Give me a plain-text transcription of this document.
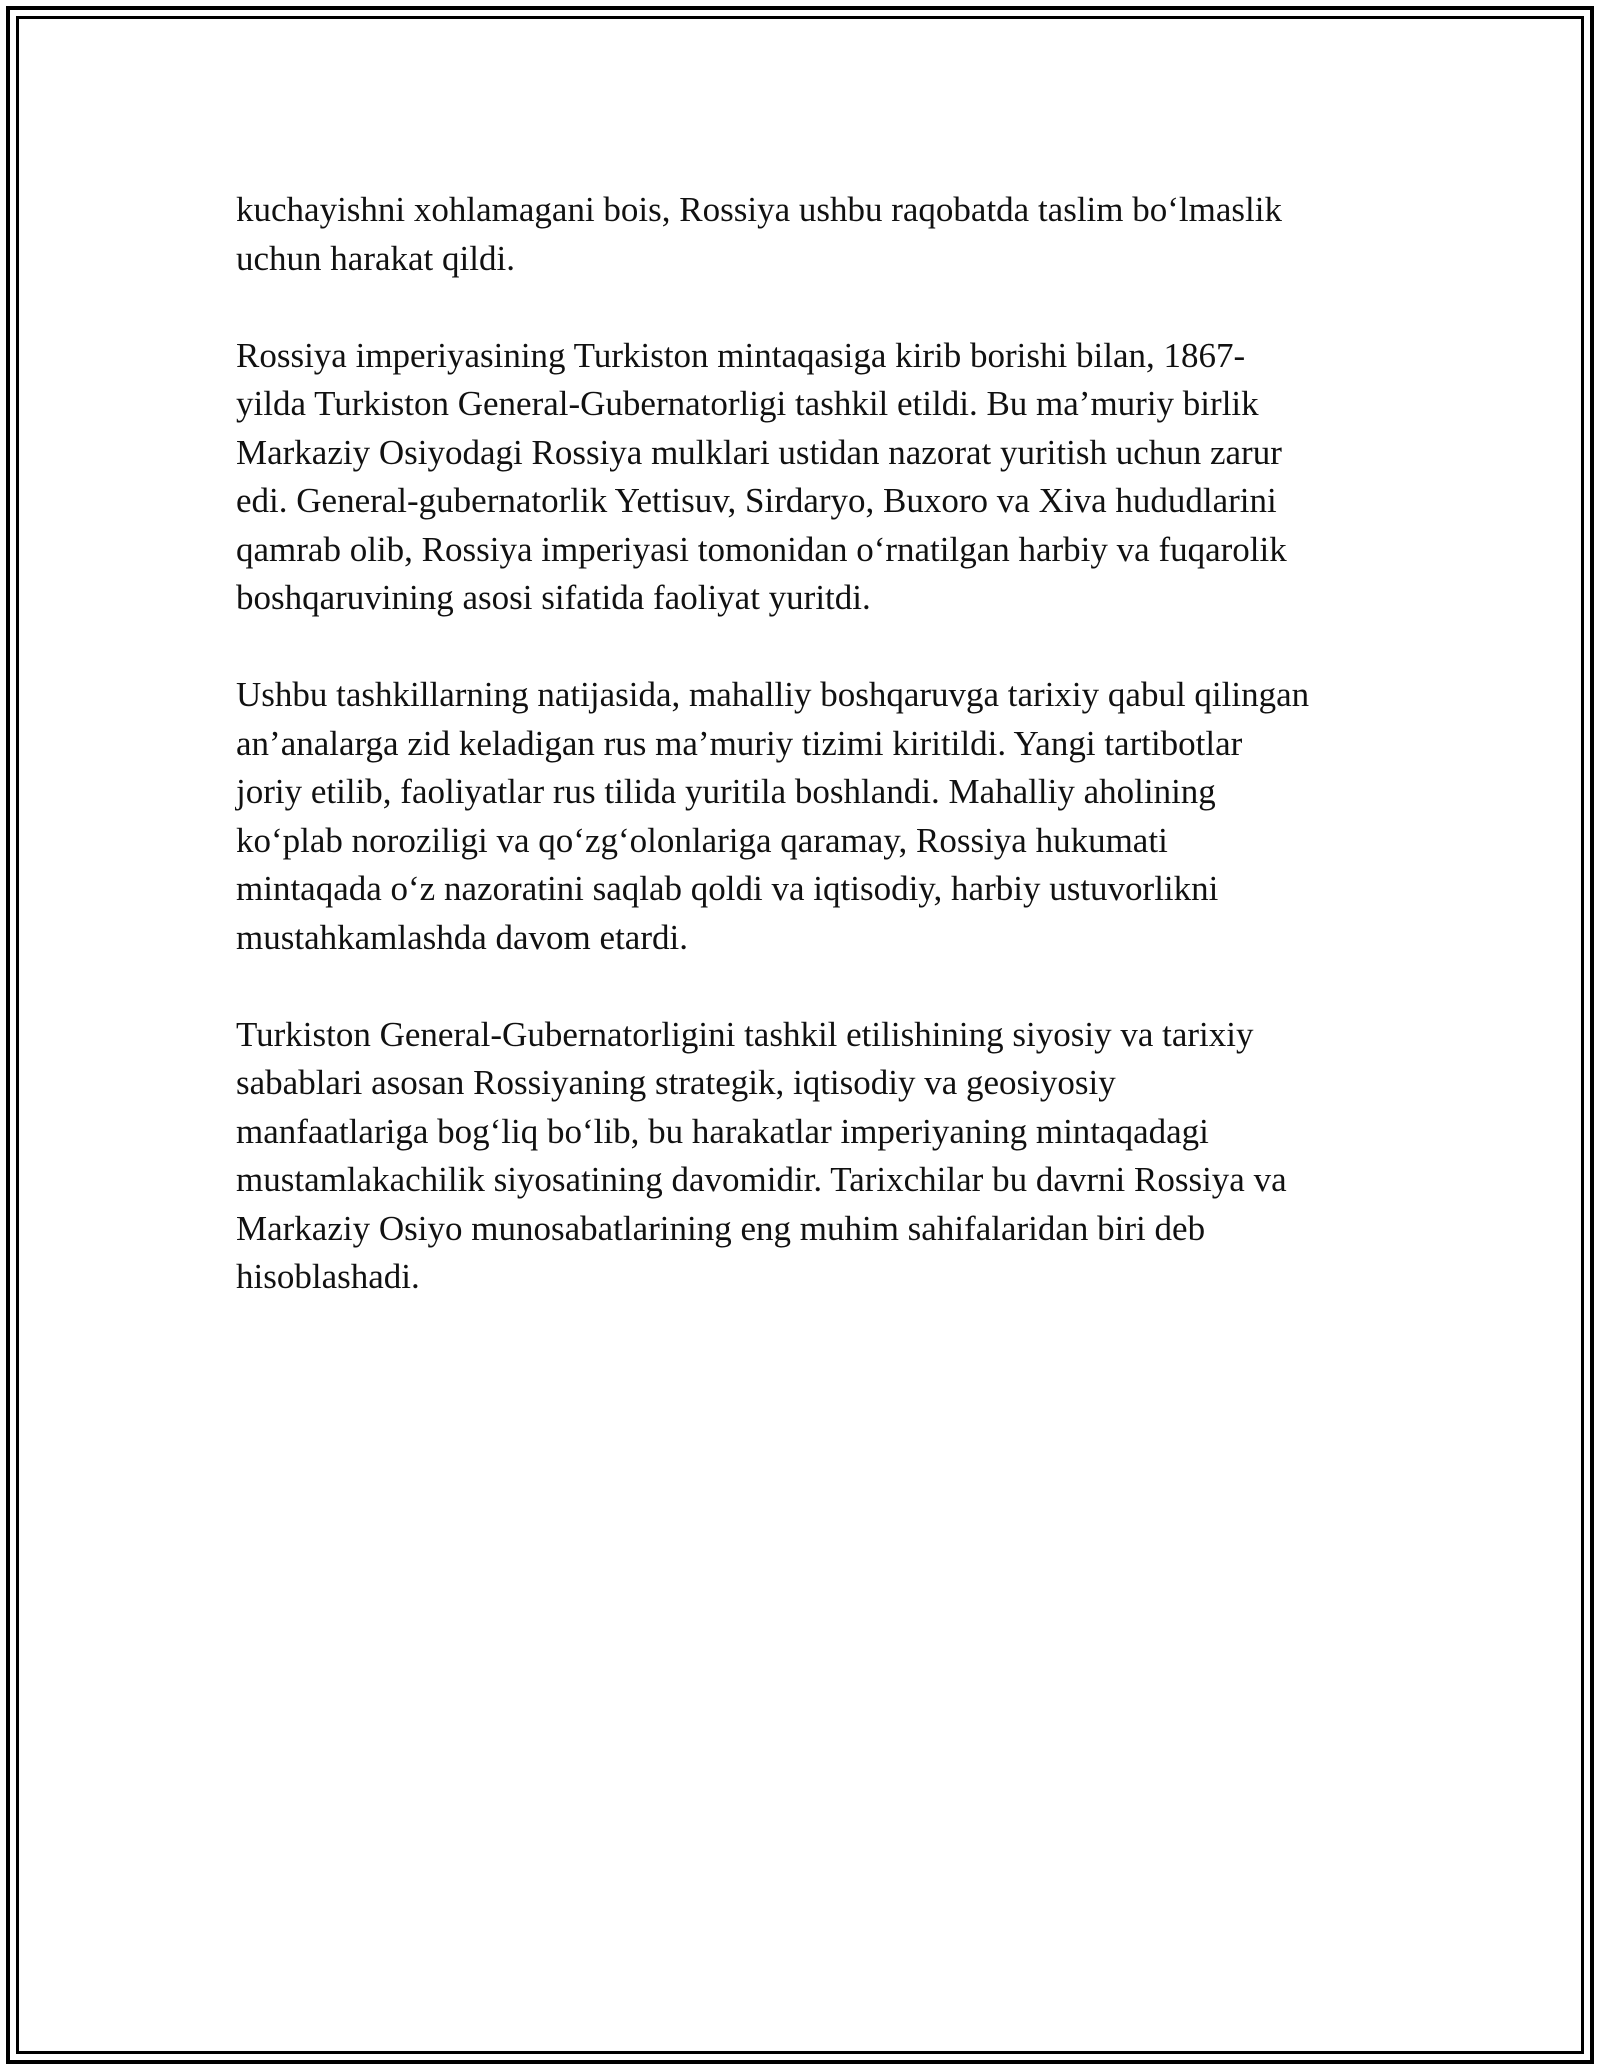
kuchayishni xohlamagani bois, Rossiya ushbu raqobatda taslim bo‘lmaslik
uchun harakat qildi.

Rossiya imperiyasining Turkiston mintaqasiga kirib borishi bilan, 1867-
yilda Turkiston General-Gubernatorligi tashkil etildi. Bu ma’muriy birlik
Markaziy Osiyodagi Rossiya mulklari ustidan nazorat yuritish uchun zarur
edi. General-gubernatorlik Yettisuv, Sirdaryo, Buxoro va Xiva hududlarini
qamrab olib, Rossiya imperiyasi tomonidan o‘rnatilgan harbiy va fuqarolik
boshqaruvining asosi sifatida faoliyat yuritdi.

Ushbu tashkillarning natijasida, mahalliy boshqaruvga tarixiy qabul qilingan
an’analarga zid keladigan rus ma’muriy tizimi kiritildi. Yangi tartibotlar
joriy etilib, faoliyatlar rus tilida yuritila boshlandi. Mahalliy aholining
ko‘plab noroziligi va qo‘zg‘olonlariga qaramay, Rossiya hukumati
mintaqada o‘z nazoratini saqlab qoldi va iqtisodiy, harbiy ustuvorlikni
mustahkamlashda davom etardi.

Turkiston General-Gubernatorligini tashkil etilishining siyosiy va tarixiy
sabablari asosan Rossiyaning strategik, iqtisodiy va geosiyosiy
manfaatlariga bog‘liq bo‘lib, bu harakatlar imperiyaning mintaqadagi
mustamlakachilik siyosatining davomidir. Tarixchilar bu davrni Rossiya va
Markaziy Osiyo munosabatlarining eng muhim sahifalaridan biri deb
hisoblashadi.
